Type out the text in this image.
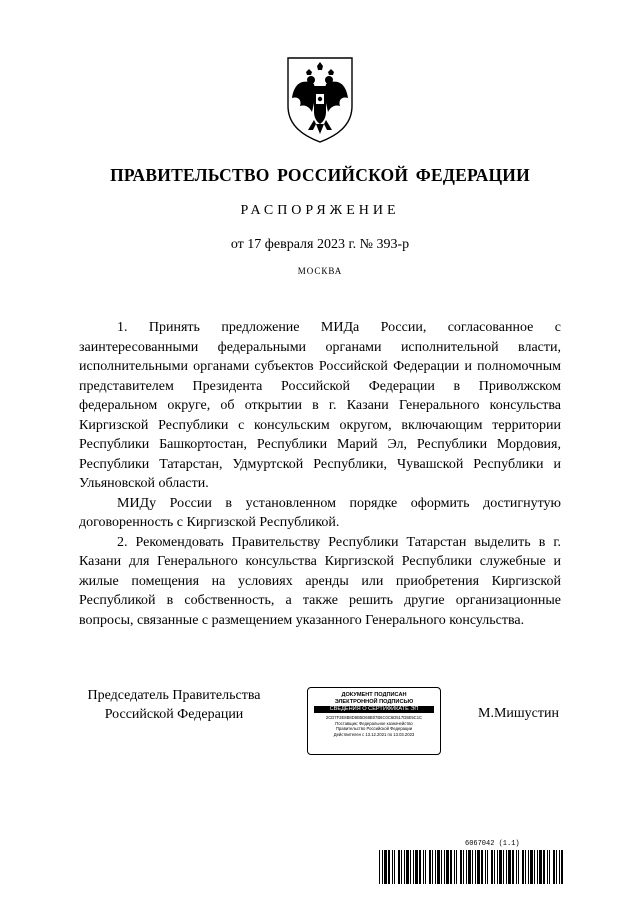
ПРАВИТЕЛЬСТВО РОССИЙСКОЙ ФЕДЕРАЦИИ
РАСПОРЯЖЕНИЕ
от 17 февраля 2023 г. № 393-р
МОСКВА

1. Принять предложение МИДа России, согласованное с заинтересованными федеральными органами исполнительной власти, исполнительными органами субъектов Российской Федерации и полномочным представителем Президента Российской Федерации в Приволжском федеральном округе, об открытии в г. Казани Генерального консульства Киргизской Республики с консульским округом, включающим территории Республики Башкортостан, Республики Марий Эл, Республики Мордовия, Республики Татарстан, Удмуртской Республики, Чувашской Республики и Ульяновской области.

МИДу России в установленном порядке оформить достигнутую договоренность с Киргизской Республикой.

2. Рекомендовать Правительству Республики Татарстан выделить в г. Казани для Генерального консульства Киргизской Республики служебные и жилые помещения на условиях аренды или приобретения Киргизской Республикой в собственность, а также решить другие организационные вопросы, связанные с размещением указанного Генерального консульства.

Председатель Правительства
Российской Федерации
ДОКУМЕНТ ПОДПИСАН
ЭЛЕКТРОННОЙ ПОДПИСЬЮ
СВЕДЕНИЯ О СЕРТИФИКАТЕ ЭП
2CD7F3E8B8D8B5D68B07B6C0C6D517D5E5C1C
Поставщик: Федеральное казначейство
Правительство Российской Федерации
Действителен с 13.12.2021 по 13.03.2023
М.Мишустин
6067042 (1.1)
